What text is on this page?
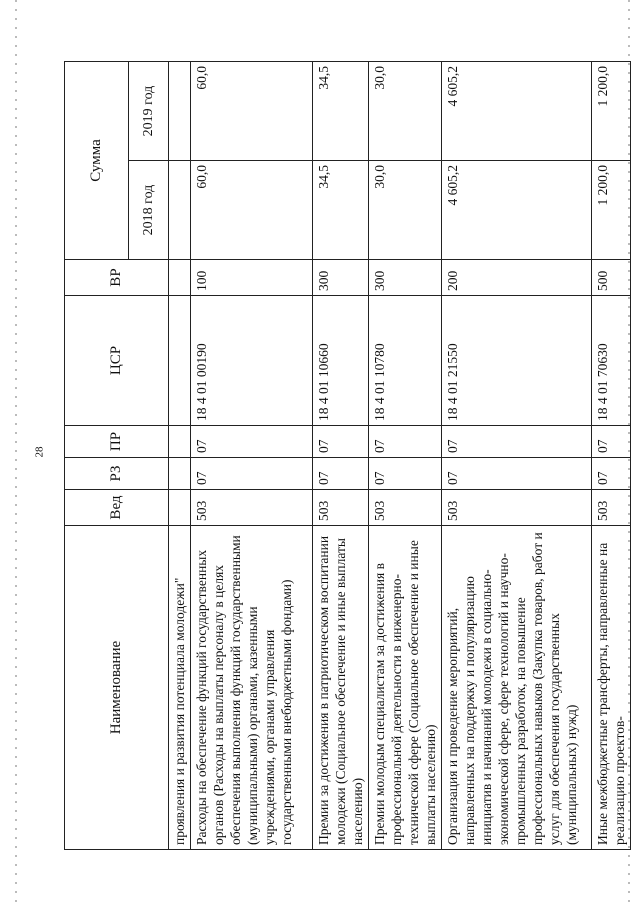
28
Наименование	Вед	РЗ	ПР	ЦСР	ВР	Сумма	
						2018 год	2019 год
проявления и развития потенциала молодежи"							
Расходы на обеспечение функций государственных органов (Расходы на выплаты персоналу в целях обеспечения выполнения функций государственными (муниципальными) органами, казенными учреждениями, органами управления государственными внебюджетными фондами)	503	07	07	18 4 01 00190	100	60,0	60,0
Премии за достижения в патриотическом воспитании молодежи (Социальное обеспечение и иные выплаты населению)	503	07	07	18 4 01 10660	300	34,5	34,5
Премии молодым специалистам за достижения в профессиональной деятельности в инженерно-технической сфере (Социальное обеспечение и иные выплаты населению)	503	07	07	18 4 01 10780	300	30,0	30,0
Организация и проведение мероприятий, направленных на поддержку и популяризацию инициатив и начинаний молодежи в социально-экономической сфере, сфере технологий и научно-промышленных разработок, на повышение профессиональных навыков (Закупка товаров, работ и услуг для обеспечения государственных (муниципальных) нужд)	503	07	07	18 4 01 21550	200	4 605,2	4 605,2
Иные межбюджетные трансферты, направленные на реализацию проектов-	503	07	07	18 4 01 70630	500	1 200,0	1 200,0
